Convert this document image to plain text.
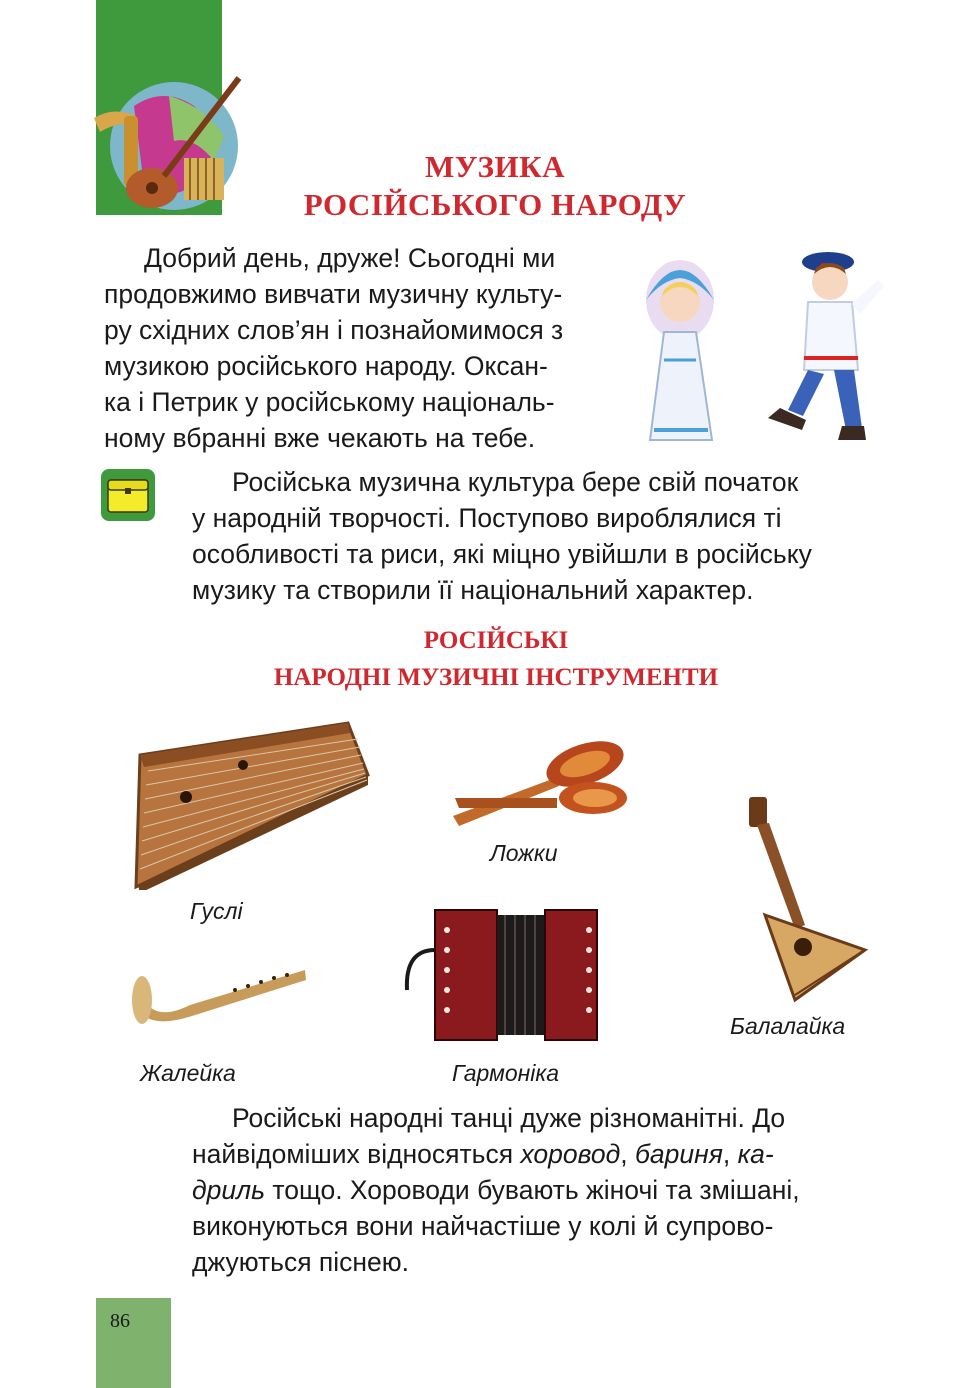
МУЗИКА
РОСІЙСЬКОГО НАРОДУ
Добрий день, друже! Сьогодні ми
продовжимо вивчати музичну культу-
ру східних слов’ян і познайомимося з
музикою російського народу. Оксан-
ка і Петрик у російському національ-
ному вбранні вже чекають на тебе.
Російська музична культура бере свій початок
у народній творчості. Поступово вироблялися ті
особливості та риси, які міцно увійшли в російську
музику та створили її національний характер.
РОСІЙСЬКІ
НАРОДНІ МУЗИЧНІ ІНСТРУМЕНТИ
Гуслі
Ложки
Балалайка
Жалейка	Гармоніка
Російські народні танці дуже різноманітні. До
найвідоміших відносяться хоровод, бариня, ка-
дриль тощо. Хороводи бувають жіночі та змішані,
виконуються вони найчастіше у колі й супрово-
джуються піснею.
86
